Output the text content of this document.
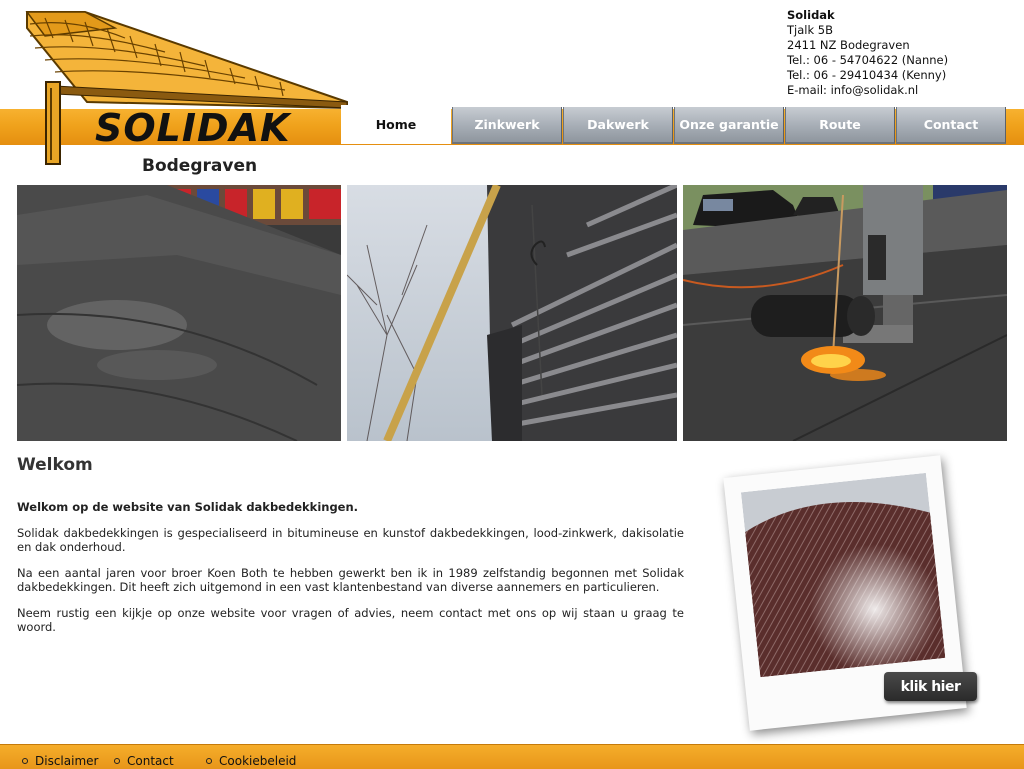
SOLIDAK
Bodegraven
Solidak
Tjalk 5B
2411 NZ Bodegraven
Tel.: 06 - 54704622 (Nanne)
Tel.: 06 - 29410434 (Kenny)
E-mail: info@solidak.nl
Home	Zinkwerk	Dakwerk	Onze garantie	Route	Contact
Welkom

Welkom op de website van Solidak dakbedekkingen.

Solidak dakbedekkingen is gespecialiseerd in bitumineuse en kunstof dakbedekkingen, lood-zinkwerk, dakisolatie en dak onderhoud.

Na een aantal jaren voor broer Koen Both te hebben gewerkt ben ik in 1989 zelfstandig begonnen met Solidak dakbedekkingen. Dit heeft zich uitgemond in een vast klantenbestand van diverse aannemers en particulieren.

Neem rustig een kijkje op onze website voor vragen of advies, neem contact met ons op wij staan u graag te woord.

klik hier
Disclaimer	Contact	Cookiebeleid
